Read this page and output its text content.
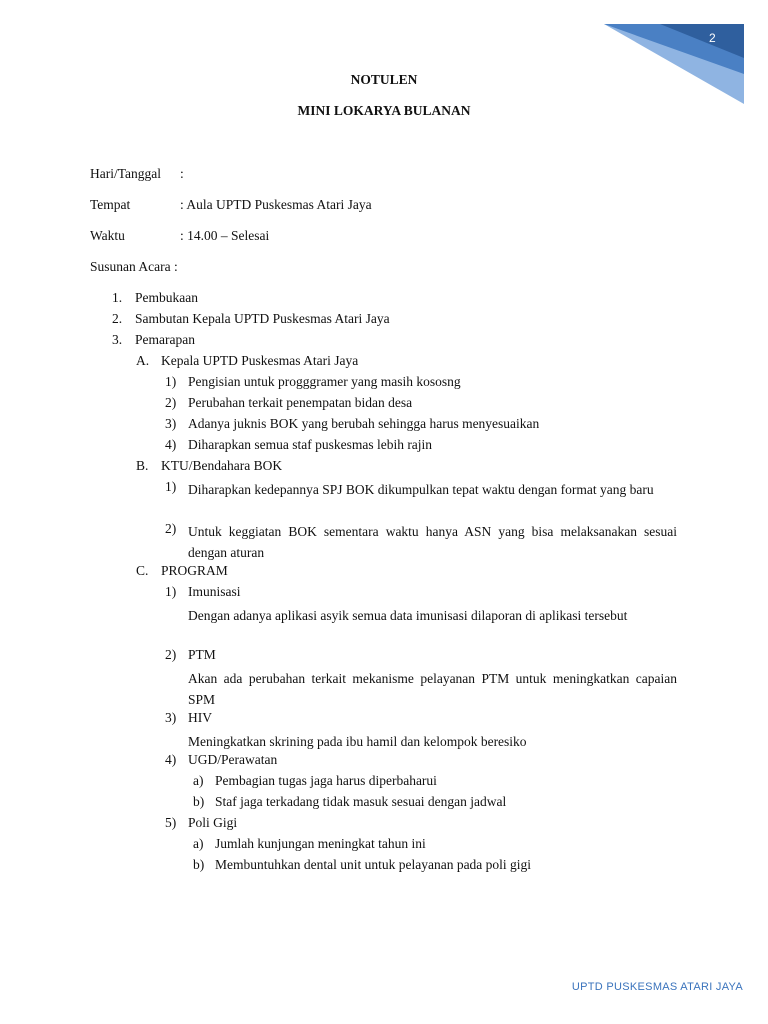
2
NOTULEN
MINI LOKARYA BULANAN
Hari/Tanggal :
Tempat	: Aula UPTD Puskesmas Atari Jaya
Waktu	: 14.00 – Selesai
Susunan Acara :
1. Pembukaan
2. Sambutan Kepala UPTD Puskesmas Atari Jaya
3. Pemarapan
A. Kepala UPTD Puskesmas Atari Jaya
1) Pengisian untuk progggramer yang masih kososng
2) Perubahan terkait penempatan bidan desa
3) Adanya juknis BOK yang berubah sehingga harus menyesuaikan
4) Diharapkan semua staf puskesmas lebih rajin
B. KTU/Bendahara BOK
1) Diharapkan kedepannya SPJ BOK dikumpulkan tepat waktu dengan format yang baru
2) Untuk keggiatan BOK sementara waktu hanya ASN yang bisa melaksanakan sesuai dengan aturan
C. PROGRAM
1) Imunisasi
Dengan adanya aplikasi asyik semua data imunisasi dilaporan di aplikasi tersebut
2) PTM
Akan ada perubahan terkait mekanisme pelayanan PTM untuk meningkatkan capaian SPM
3) HIV
Meningkatkan skrining pada ibu hamil dan kelompok beresiko
4) UGD/Perawatan
a) Pembagian tugas jaga harus diperbaharui
b) Staf jaga terkadang tidak masuk sesuai dengan jadwal
5) Poli Gigi
a) Jumlah kunjungan meningkat tahun ini
b) Membuntuhkan dental unit untuk pelayanan pada poli gigi
UPTD PUSKESMAS ATARI JAYA
